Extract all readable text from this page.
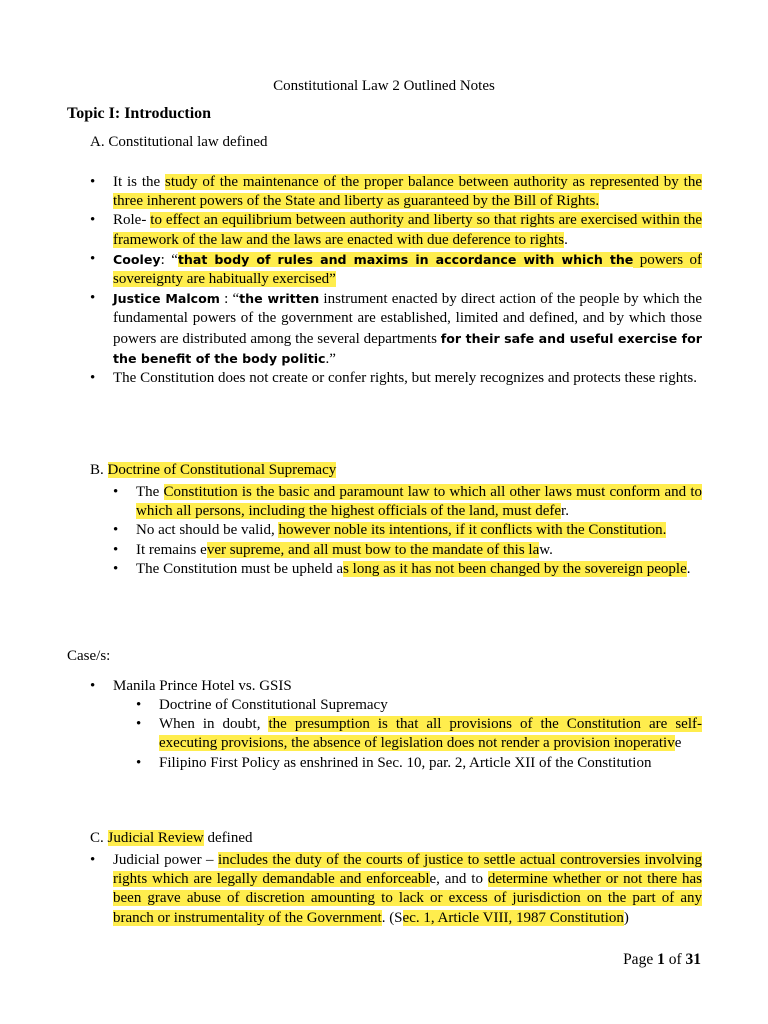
Constitutional Law 2 Outlined Notes
Topic I: Introduction
A. Constitutional law defined
• It is the study of the maintenance of the proper balance between authority as represented by the three inherent powers of the State and liberty as guaranteed by the Bill of Rights.
• Role- to effect an equilibrium between authority and liberty so that rights are exercised within the framework of the law and the laws are enacted with due deference to rights.
• Cooley: “that body of rules and maxims in accordance with which the powers of sovereignty are habitually exercised”
• Justice Malcom : “the written instrument enacted by direct action of the people by which the fundamental powers of the government are established, limited and defined, and by which those powers are distributed among the several departments for their safe and useful exercise for the benefit of the body politic.”
• The Constitution does not create or confer rights, but merely recognizes and protects these rights.
B. Doctrine of Constitutional Supremacy
• The Constitution is the basic and paramount law to which all other laws must conform and to which all persons, including the highest officials of the land, must defer.
• No act should be valid, however noble its intentions, if it conflicts with the Constitution.
• It remains ever supreme, and all must bow to the mandate of this law.
• The Constitution must be upheld as long as it has not been changed by the sovereign people.
Case/s:
• Manila Prince Hotel vs. GSIS
• Doctrine of Constitutional Supremacy
• When in doubt, the presumption is that all provisions of the Constitution are self-executing provisions, the absence of legislation does not render a provision inoperative
• Filipino First Policy as enshrined in Sec. 10, par. 2, Article XII of the Constitution
C. Judicial Review defined
• Judicial power – includes the duty of the courts of justice to settle actual controversies involving rights which are legally demandable and enforceable, and to determine whether or not there has been grave abuse of discretion amounting to lack or excess of jurisdiction on the part of any branch or instrumentality of the Government. (Sec. 1, Article VIII, 1987 Constitution)
Page 1 of 31
